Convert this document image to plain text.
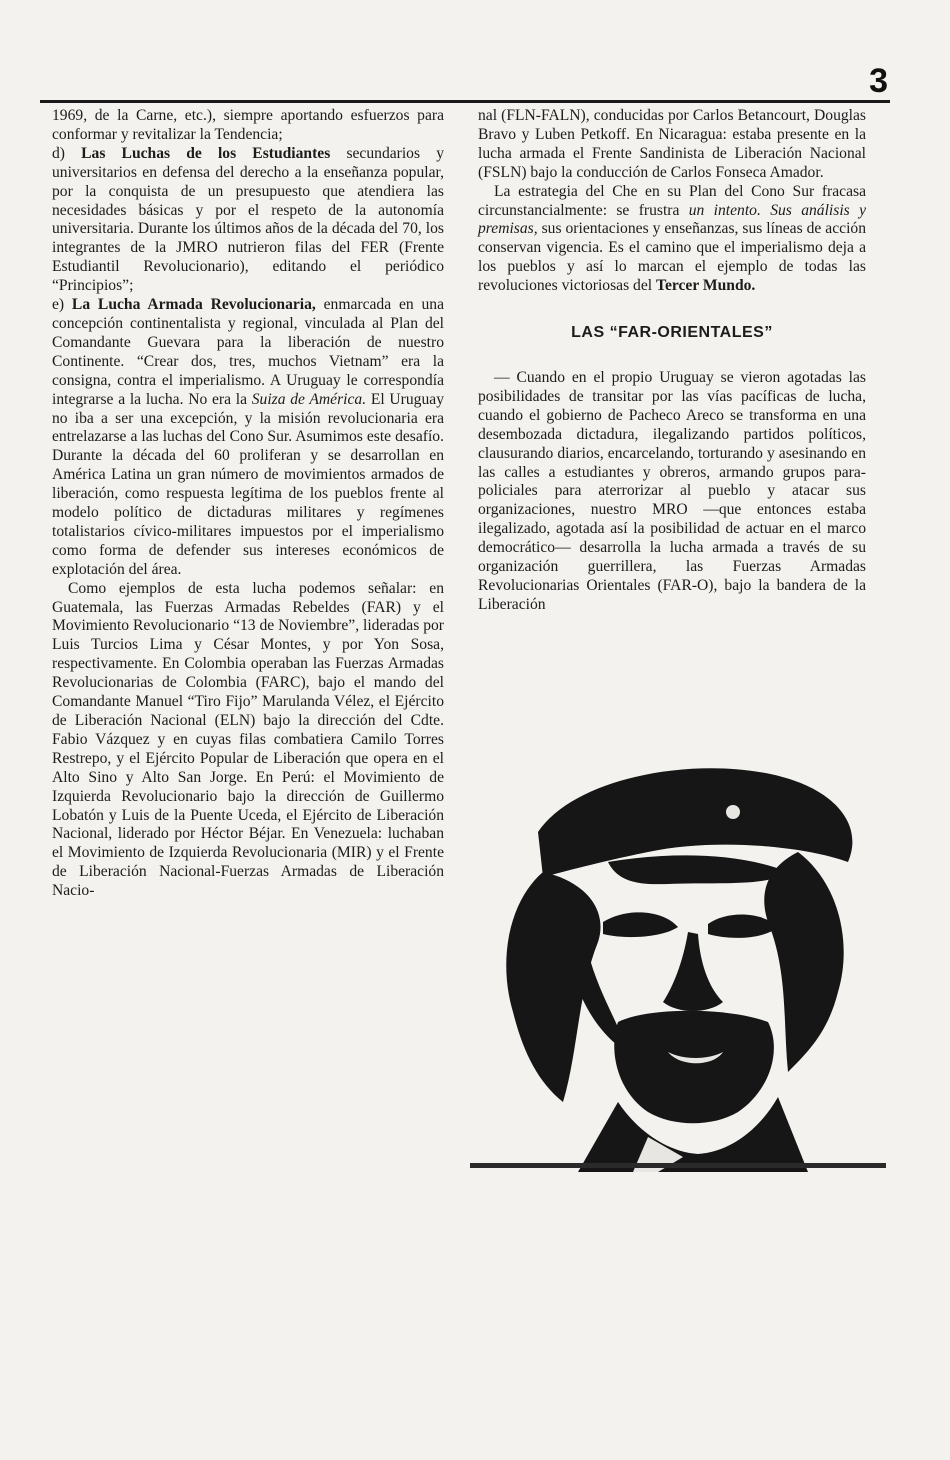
3

1969, de la Carne, etc.), siempre aportando esfuerzos para conformar y revitalizar la Tendencia;

d) Las Luchas de los Estudiantes secundarios y universitarios en defensa del derecho a la enseñanza popular, por la conquista de un presupuesto que atendiera las necesidades básicas y por el respeto de la autonomía universitaria. Durante los últimos años de la década del 70, los integrantes de la JMRO nutrieron filas del FER (Frente Estudiantil Revolucionario), editando el periódico “Principios”;

e) La Lucha Armada Revolucionaria, enmarcada en una concepción continentalista y regional, vinculada al Plan del Comandante Guevara para la liberación de nuestro Continente. “Crear dos, tres, muchos Vietnam” era la consigna, contra el imperialismo. A Uruguay le correspondía integrarse a la lucha. No era la Suiza de América. El Uruguay no iba a ser una excepción, y la misión revolucionaria era entrelazarse a las luchas del Cono Sur. Asumimos este desafío. Durante la década del 60 proliferan y se desarrollan en América Latina un gran número de movimientos armados de liberación, como respuesta legítima de los pueblos frente al modelo político de dictaduras militares y regímenes totalistarios cívico-militares impuestos por el imperialismo como forma de defender sus intereses económicos de explotación del área.

Como ejemplos de esta lucha podemos señalar: en Guatemala, las Fuerzas Armadas Rebeldes (FAR) y el Movimiento Revolucionario “13 de Noviembre”, lideradas por Luis Turcios Lima y César Montes, y por Yon Sosa, respectivamente. En Colombia operaban las Fuerzas Armadas Revolucionarias de Colombia (FARC), bajo el mando del Comandante Manuel “Tiro Fijo” Marulanda Vélez, el Ejército de Liberación Nacional (ELN) bajo la dirección del Cdte. Fabio Vázquez y en cuyas filas combatiera Camilo Torres Restrepo, y el Ejército Popular de Liberación que opera en el Alto Sino y Alto San Jorge. En Perú: el Movimiento de Izquierda Revolucionario bajo la dirección de Guillermo Lobatón y Luis de la Puente Uceda, el Ejército de Liberación Nacional, liderado por Héctor Béjar. En Venezuela: luchaban el Movimiento de Izquierda Revolucionaria (MIR) y el Frente de Liberación Nacional-Fuerzas Armadas de Liberación Nacio-

nal (FLN-FALN), conducidas por Carlos Betancourt, Douglas Bravo y Luben Petkoff. En Nicaragua: estaba presente en la lucha armada el Frente Sandinista de Liberación Nacional (FSLN) bajo la conducción de Carlos Fonseca Amador.

La estrategia del Che en su Plan del Cono Sur fracasa circunstancialmente: se frustra un intento. Sus análisis y premisas, sus orientaciones y enseñanzas, sus líneas de acción conservan vigencia. Es el camino que el imperialismo deja a los pueblos y así lo marcan el ejemplo de todas las revoluciones victoriosas del Tercer Mundo.

LAS “FAR-ORIENTALES”

— Cuando en el propio Uruguay se vieron agotadas las posibilidades de transitar por las vías pacíficas de lucha, cuando el gobierno de Pacheco Areco se transforma en una desembozada dictadura, ilegalizando partidos políticos, clausurando diarios, encarcelando, torturando y asesinando en las calles a estudiantes y obreros, armando grupos para-policiales para aterrorizar al pueblo y atacar sus organizaciones, nuestro MRO —que entonces estaba ilegalizado, agotada así la posibilidad de actuar en el marco democrático— desarrolla la lucha armada a través de su organización guerrillera, las Fuerzas Armadas Revolucionarias Orientales (FAR-O), bajo la bandera de la Liberación
